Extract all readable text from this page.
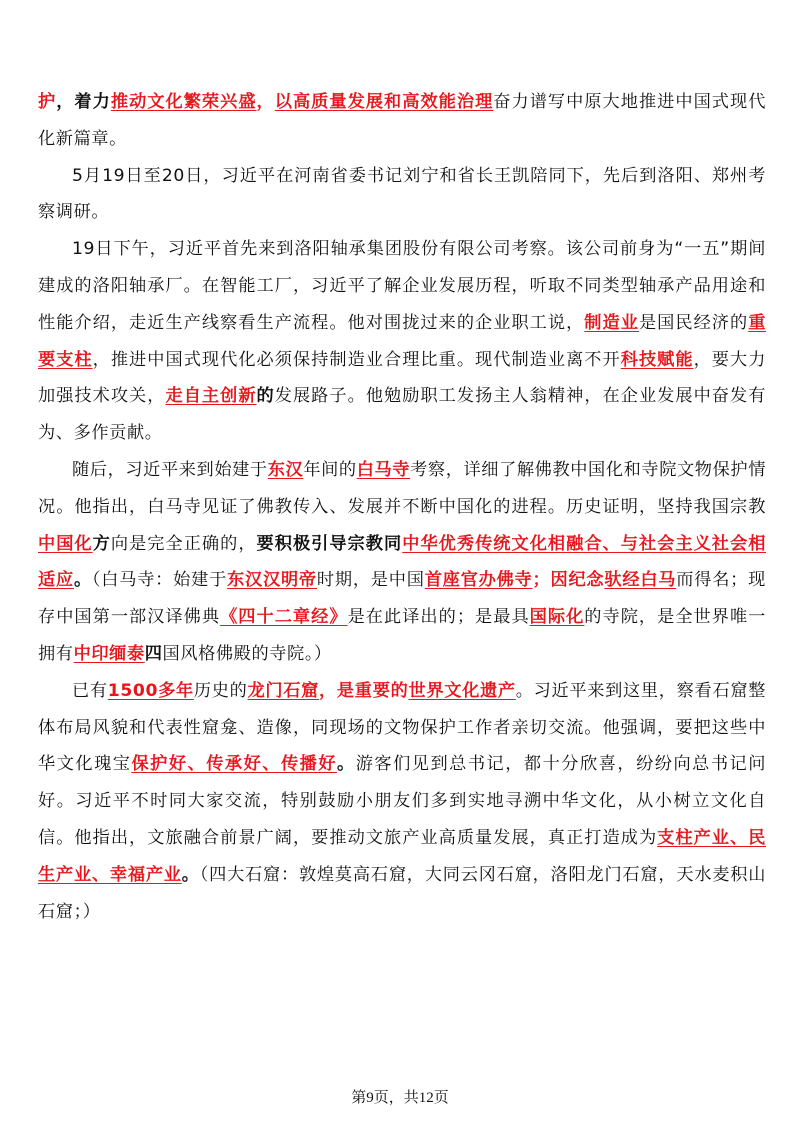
护，着力推动文化繁荣兴盛，以高质量发展和高效能治理奋力谱写中原大地推进中国式现代化新篇章。

5月19日至20日，习近平在河南省委书记刘宁和省长王凯陪同下，先后到洛阳、郑州考察调研。

19日下午，习近平首先来到洛阳轴承集团股份有限公司考察。该公司前身为“一五”期间建成的洛阳轴承厂。在智能工厂，习近平了解企业发展历程，听取不同类型轴承产品用途和性能介绍，走近生产线察看生产流程。他对围拢过来的企业职工说，制造业是国民经济的重要支柱，推进中国式现代化必须保持制造业合理比重。现代制造业离不开科技赋能，要大力加强技术攻关，走自主创新的发展路子。他勉励职工发扬主人翁精神，在企业发展中奋发有为、多作贡献。

随后，习近平来到始建于东汉年间的白马寺考察，详细了解佛教中国化和寺院文物保护情况。他指出，白马寺见证了佛教传入、发展并不断中国化的进程。历史证明，坚持我国宗教中国化方向是完全正确的，要积极引导宗教同中华优秀传统文化相融合、与社会主义社会相适应。（白马寺：始建于东汉汉明帝时期，是中国首座官办佛寺；因纪念驮经白马而得名；现存中国第一部汉译佛典《四十二章经》是在此译出的；是最具国际化的寺院，是全世界唯一拥有中印缅泰四国风格佛殿的寺院。）

已有1500多年历史的龙门石窟，是重要的世界文化遗产。习近平来到这里，察看石窟整体布局风貌和代表性窟龛、造像，同现场的文物保护工作者亲切交流。他强调，要把这些中华文化瑰宝保护好、传承好、传播好。游客们见到总书记，都十分欣喜，纷纷向总书记问好。习近平不时同大家交流，特别鼓励小朋友们多到实地寻溯中华文化，从小树立文化自信。他指出，文旅融合前景广阔，要推动文旅产业高质量发展，真正打造成为支柱产业、民生产业、幸福产业。（四大石窟：敦煌莫高石窟，大同云冈石窟，洛阳龙门石窟，天水麦积山石窟；）

第9页，共12页
